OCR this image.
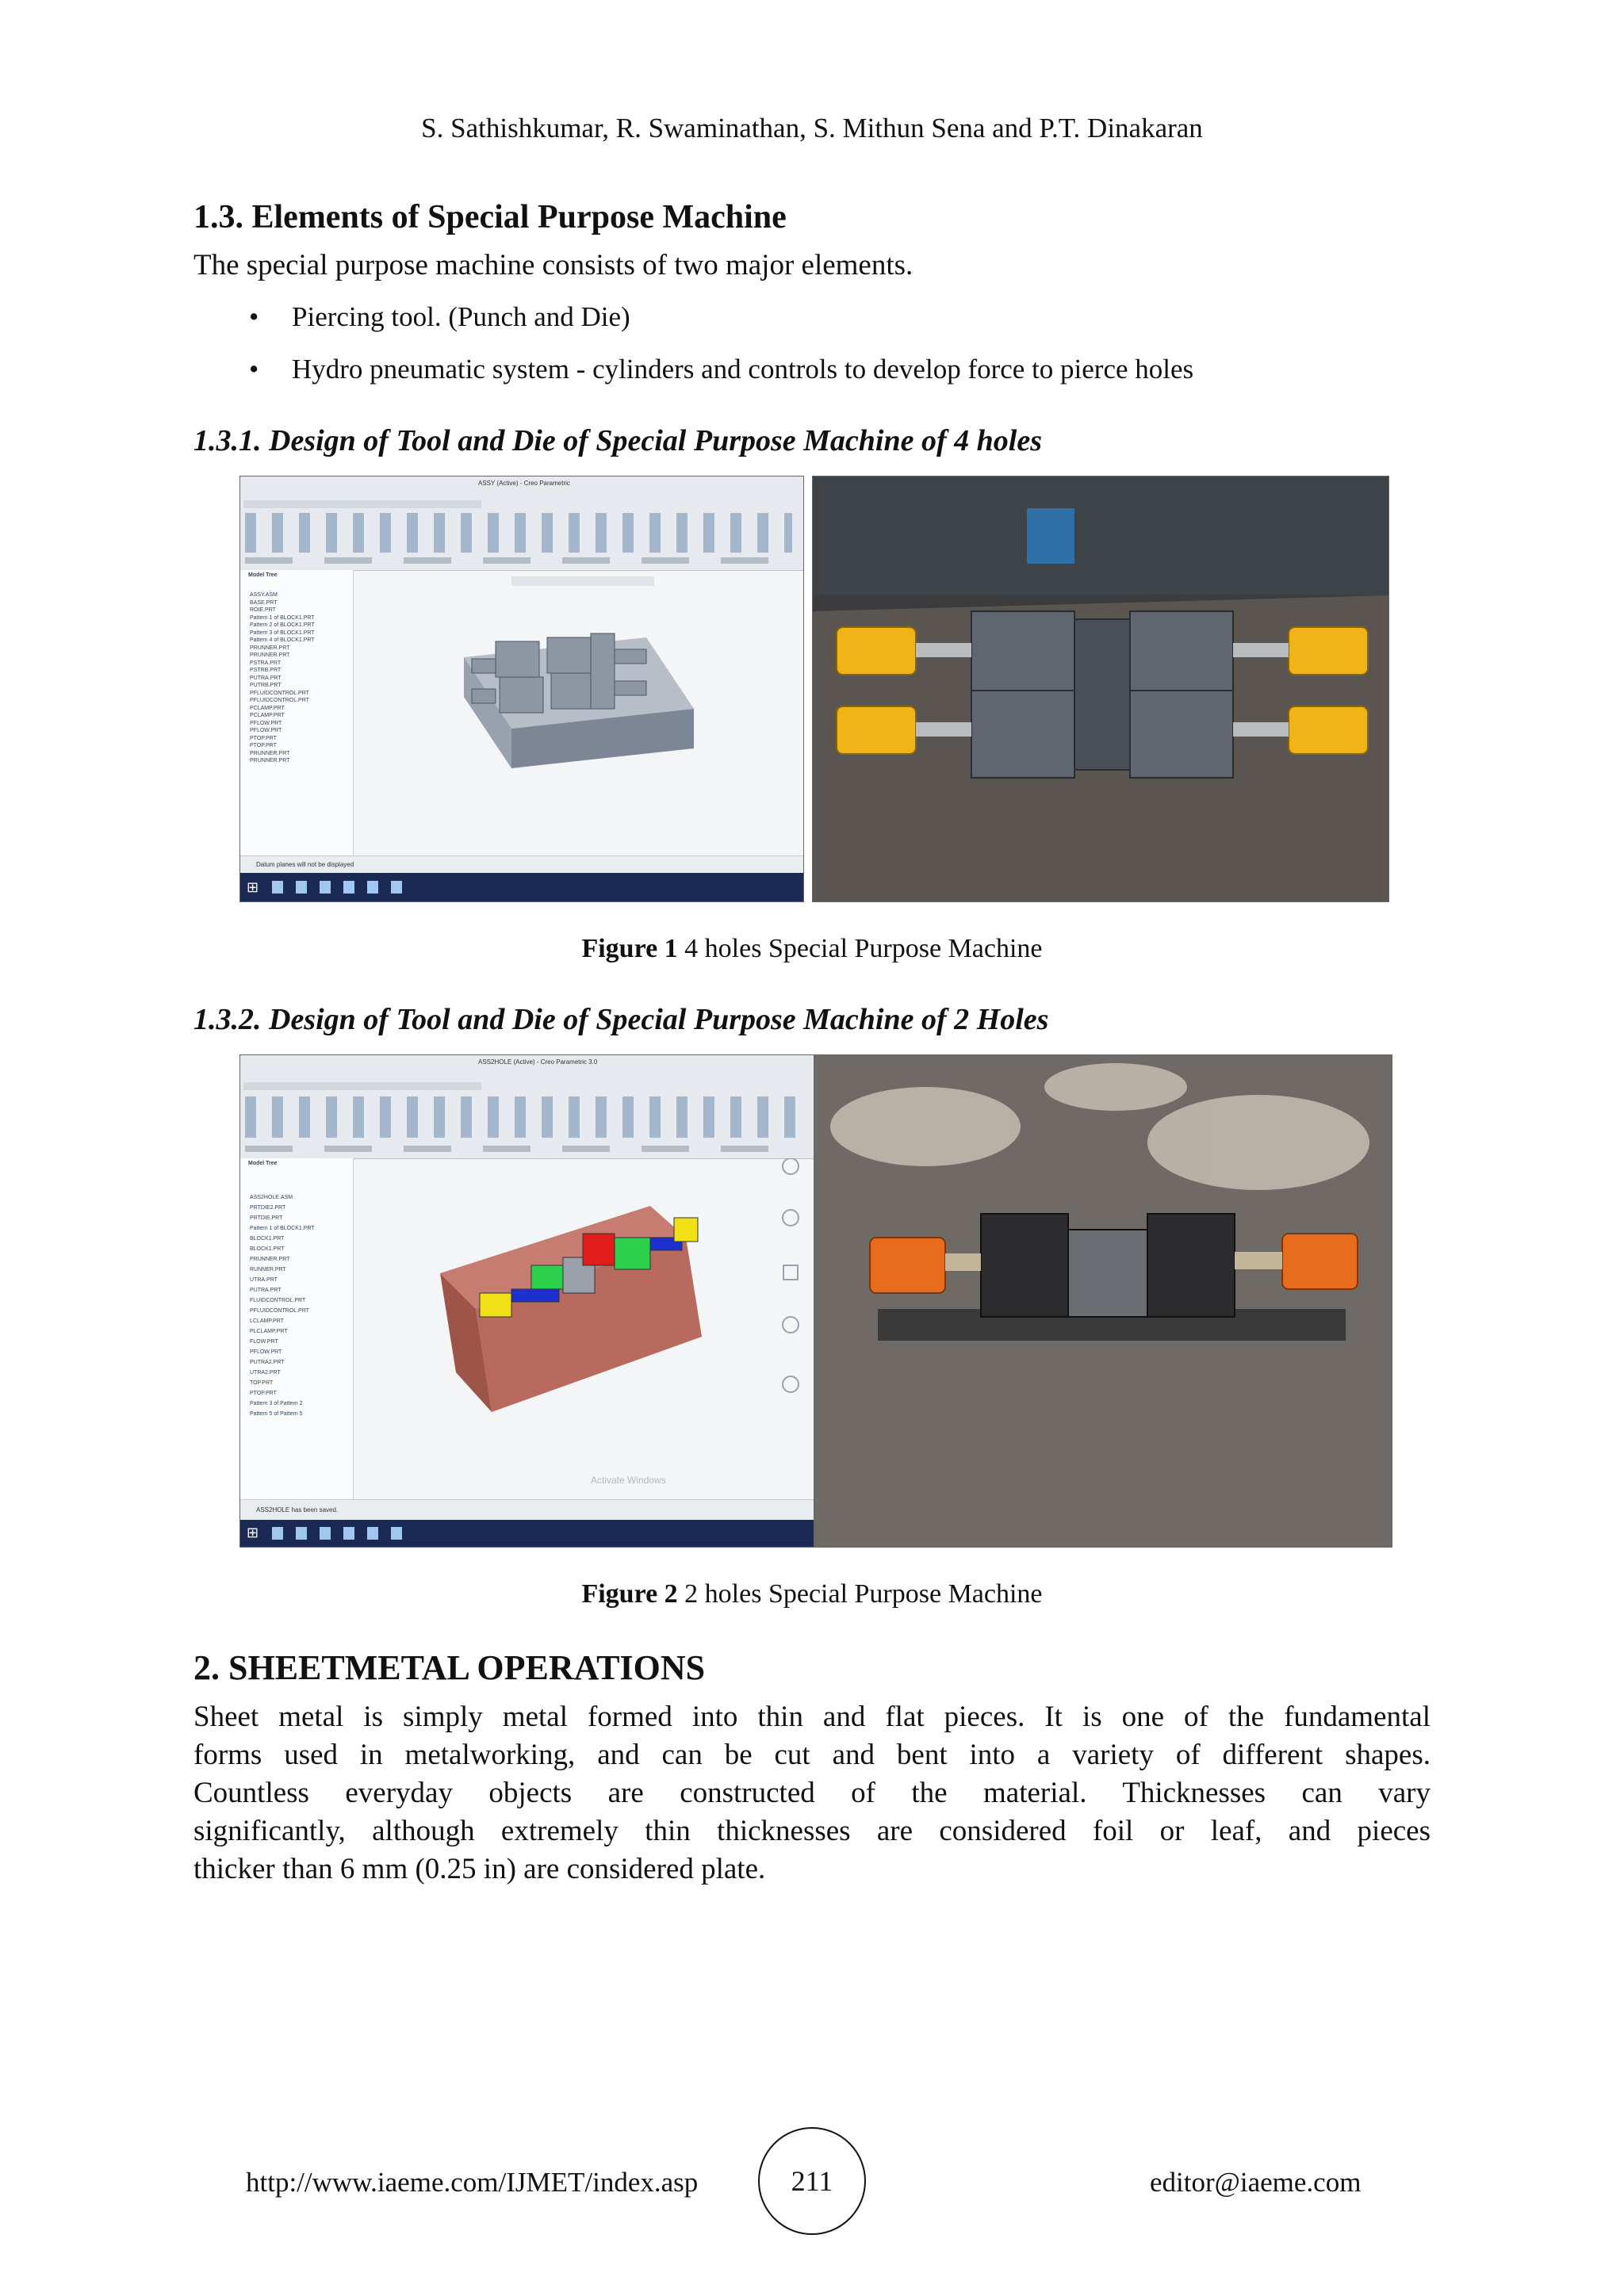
S. Sathishkumar, R. Swaminathan, S. Mithun Sena and P.T. Dinakaran
1.3. Elements of Special Purpose Machine
The special purpose machine consists of two major elements.
• Piercing tool. (Punch and Die)
• Hydro pneumatic system - cylinders and controls to develop force to pierce holes
1.3.1. Design of Tool and Die of Special Purpose Machine of 4 holes
ASSY (Active) - Creo Parametric
Model Tree
ASSY.ASM
BASE.PRT
ROIE.PRT
Pattern 1 of BLOCK1.PRT
Pattern 2 of BLOCK1.PRT
Pattern 3 of BLOCK1.PRT
Pattern 4 of BLOCK1.PRT
PRUNNER.PRT
PRUNNER.PRT
PSTRA.PRT
PSTRB.PRT
PUTRA.PRT
PUTRB.PRT
PFLUIDCONTROL.PRT
PFLUIDCONTROL.PRT
PCLAMP.PRT
PCLAMP.PRT
PFLOW.PRT
PFLOW.PRT
PTOP.PRT
PTOP.PRT
PRUNNER.PRT
PRUNNER.PRT
Datum planes will not be displayed
⊞
Figure 1 4 holes Special Purpose Machine
1.3.2. Design of Tool and Die of Special Purpose Machine of 2 Holes
ASS2HOLE (Active) - Creo Parametric 3.0
Model Tree
ASS2HOLE.ASM
PRTDIE2.PRT
PRTDIE.PRT
Pattern 1 of BLOCK1.PRT
BLOCK1.PRT
BLOCK1.PRT
PRUNNER.PRT
RUNNER.PRT
UTRA.PRT
PUTRA.PRT
FLUIDCONTROL.PRT
PFLUIDCONTROL.PRT
LCLAMP.PRT
PLCLAMP.PRT
FLOW.PRT
PFLOW.PRT
PUTRA2.PRT
UTRA2.PRT
TOP.PRT
PTOP.PRT
Pattern 3 of Pattern 2
Pattern 5 of Pattern 5
Activate Windows
ASS2HOLE has been saved.
⊞
Figure 2 2 holes Special Purpose Machine
2. SHEETMETAL OPERATIONS
Sheet metal is simply metal formed into thin and flat pieces. It is one of the fundamental
forms used in metalworking, and can be cut and bent into a variety of different shapes.
Countless everyday objects are constructed of the material. Thicknesses can vary
significantly, although extremely thin thicknesses are considered foil or leaf, and pieces
thicker than 6 mm (0.25 in) are considered plate.
http://www.iaeme.com/IJMET/index.asp	211	editor@iaeme.com
